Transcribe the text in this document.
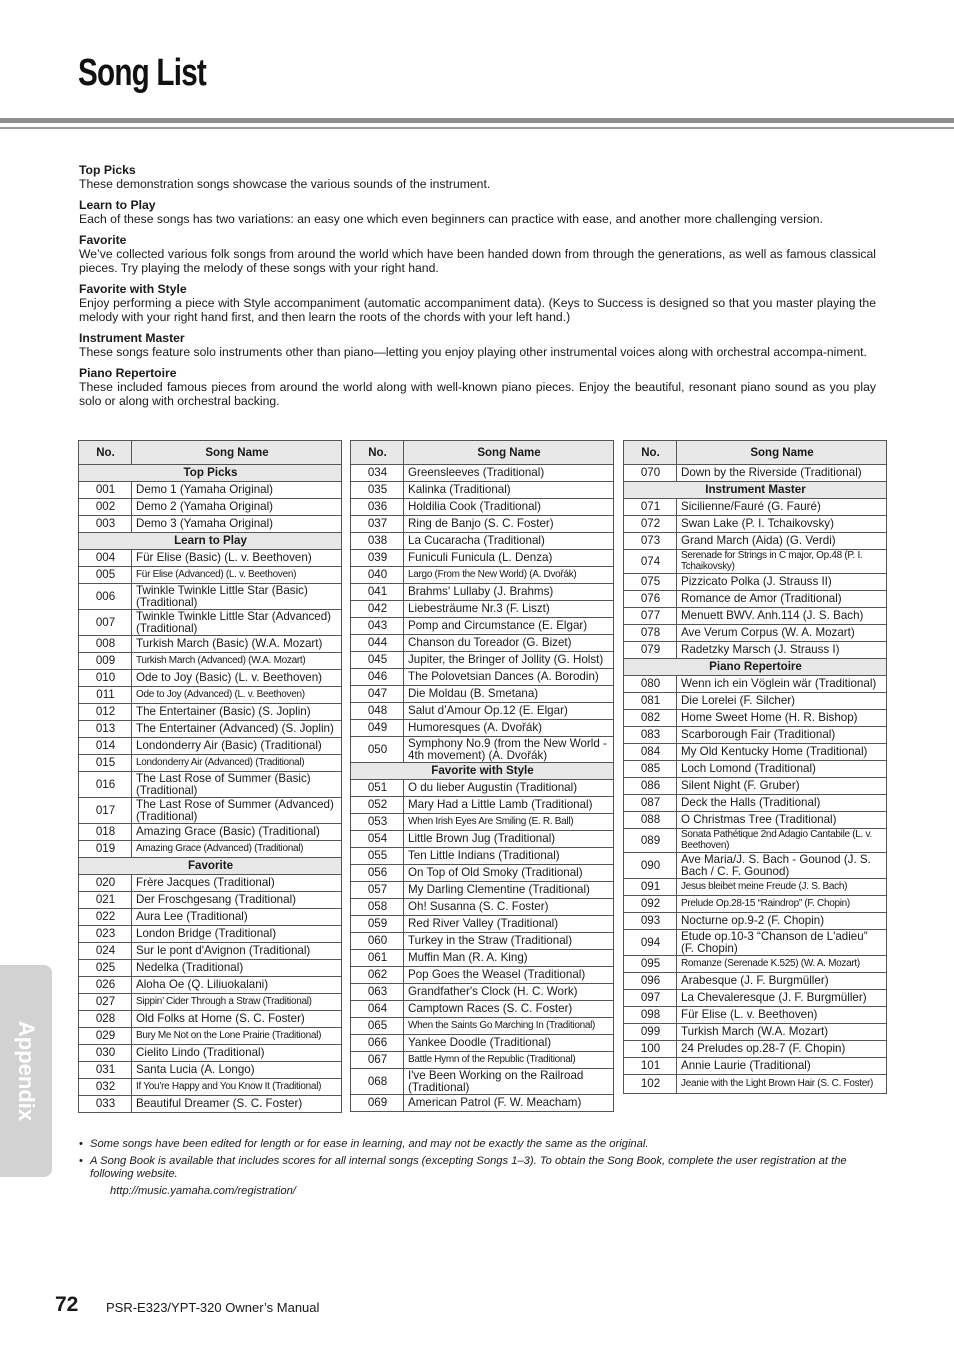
Song List
Top Picks

These demonstration songs showcase the various sounds of the instrument.

Learn to Play

Each of these songs has two variations: an easy one which even beginners can practice with ease, and another more challenging version.

Favorite

We’ve collected various folk songs from around the world which have been handed down from through the generations, as well as famous classical pieces. Try playing the melody of these songs with your right hand.

Favorite with Style

Enjoy performing a piece with Style accompaniment (automatic accompaniment data). (Keys to Success is designed so that you master playing the melody with your right hand first, and then learn the roots of the chords with your left hand.)

Instrument Master

These songs feature solo instruments other than piano—letting you enjoy playing other instrumental voices along with orchestral accompa-niment.

Piano Repertoire

These included famous pieces from around the world along with well-known piano pieces. Enjoy the beautiful, resonant piano sound as you play solo or along with orchestral backing.

No.	Song Name
Top Picks	
001	Demo 1 (Yamaha Original)
002	Demo 2 (Yamaha Original)
003	Demo 3 (Yamaha Original)
Learn to Play	
004	Für Elise (Basic) (L. v. Beethoven)
005	Für Elise (Advanced) (L. v. Beethoven)
006	Twinkle Twinkle Little Star (Basic) (Traditional)
007	Twinkle Twinkle Little Star (Advanced) (Traditional)
008	Turkish March (Basic) (W.A. Mozart)
009	Turkish March (Advanced) (W.A. Mozart)
010	Ode to Joy (Basic) (L. v. Beethoven)
011	Ode to Joy (Advanced) (L. v. Beethoven)
012	The Entertainer (Basic) (S. Joplin)
013	The Entertainer (Advanced) (S. Joplin)
014	Londonderry Air (Basic) (Traditional)
015	Londonderry Air (Advanced) (Traditional)
016	The Last Rose of Summer (Basic) (Traditional)
017	The Last Rose of Summer (Advanced) (Traditional)
018	Amazing Grace (Basic) (Traditional)
019	Amazing Grace (Advanced) (Traditional)
Favorite	
020	Frère Jacques (Traditional)
021	Der Froschgesang (Traditional)
022	Aura Lee (Traditional)
023	London Bridge (Traditional)
024	Sur le pont d'Avignon (Traditional)
025	Nedelka (Traditional)
026	Aloha Oe (Q. Liliuokalani)
027	Sippin’ Cider Through a Straw (Traditional)
028	Old Folks at Home (S. C. Foster)
029	Bury Me Not on the Lone Prairie (Traditional)
030	Cielito Lindo (Traditional)
031	Santa Lucia (A. Longo)
032	If You’re Happy and You Know It (Traditional)
033	Beautiful Dreamer (S. C. Foster)
No.	Song Name
034	Greensleeves (Traditional)
035	Kalinka (Traditional)
036	Holdilia Cook (Traditional)
037	Ring de Banjo (S. C. Foster)
038	La Cucaracha (Traditional)
039	Funiculi Funicula (L. Denza)
040	Largo (From the New World) (A. Dvořák)
041	Brahms' Lullaby (J. Brahms)
042	Liebesträume Nr.3 (F. Liszt)
043	Pomp and Circumstance (E. Elgar)
044	Chanson du Toreador (G. Bizet)
045	Jupiter, the Bringer of Jollity (G. Holst)
046	The Polovetsian Dances (A. Borodin)
047	Die Moldau (B. Smetana)
048	Salut d’Amour Op.12 (E. Elgar)
049	Humoresques (A. Dvořák)
050	Symphony No.9 (from the New World - 4th movement) (A. Dvořák)
Favorite with Style	
051	O du lieber Augustin (Traditional)
052	Mary Had a Little Lamb (Traditional)
053	When Irish Eyes Are Smiling (E. R. Ball)
054	Little Brown Jug (Traditional)
055	Ten Little Indians (Traditional)
056	On Top of Old Smoky (Traditional)
057	My Darling Clementine (Traditional)
058	Oh! Susanna (S. C. Foster)
059	Red River Valley (Traditional)
060	Turkey in the Straw (Traditional)
061	Muffin Man (R. A. King)
062	Pop Goes the Weasel (Traditional)
063	Grandfather's Clock (H. C. Work)
064	Camptown Races (S. C. Foster)
065	When the Saints Go Marching In (Traditional)
066	Yankee Doodle (Traditional)
067	Battle Hymn of the Republic (Traditional)
068	I've Been Working on the Railroad (Traditional)
069	American Patrol (F. W. Meacham)
No.	Song Name
070	Down by the Riverside (Traditional)
Instrument Master	
071	Sicilienne/Fauré (G. Fauré)
072	Swan Lake (P. I. Tchaikovsky)
073	Grand March (Aida) (G. Verdi)
074	Serenade for Strings in C major, Op.48 (P. I. Tchaikovsky)
075	Pizzicato Polka (J. Strauss II)
076	Romance de Amor (Traditional)
077	Menuett BWV. Anh.114 (J. S. Bach)
078	Ave Verum Corpus (W. A. Mozart)
079	Radetzky Marsch (J. Strauss I)
Piano Repertoire	
080	Wenn ich ein Vöglein wär (Traditional)
081	Die Lorelei (F. Silcher)
082	Home Sweet Home (H. R. Bishop)
083	Scarborough Fair (Traditional)
084	My Old Kentucky Home (Traditional)
085	Loch Lomond (Traditional)
086	Silent Night (F. Gruber)
087	Deck the Halls (Traditional)
088	O Christmas Tree (Traditional)
089	Sonata Pathétique 2nd Adagio Cantabile (L. v. Beethoven)
090	Ave Maria/J. S. Bach - Gounod (J. S. Bach / C. F. Gounod)
091	Jesus bleibet meine Freude (J. S. Bach)
092	Prelude Op.28-15 “Raindrop” (F. Chopin)
093	Nocturne op.9-2 (F. Chopin)
094	Etude op.10-3 “Chanson de L'adieu” (F. Chopin)
095	Romanze (Serenade K.525) (W. A. Mozart)
096	Arabesque (J. F. Burgmüller)
097	La Chevaleresque (J. F. Burgmüller)
098	Für Elise (L. v. Beethoven)
099	Turkish March (W.A. Mozart)
100	24 Preludes op.28-7 (F. Chopin)
101	Annie Laurie (Traditional)
102	Jeanie with the Light Brown Hair (S. C. Foster)
• Some songs have been edited for length or for ease in learning, and may not be exactly the same as the original.
• A Song Book is available that includes scores for all internal songs (excepting Songs 1–3). To obtain the Song Book, complete the user registration at the following website.
http://music.yamaha.com/registration/
Appendix
72 PSR-E323/YPT-320 Owner’s Manual
